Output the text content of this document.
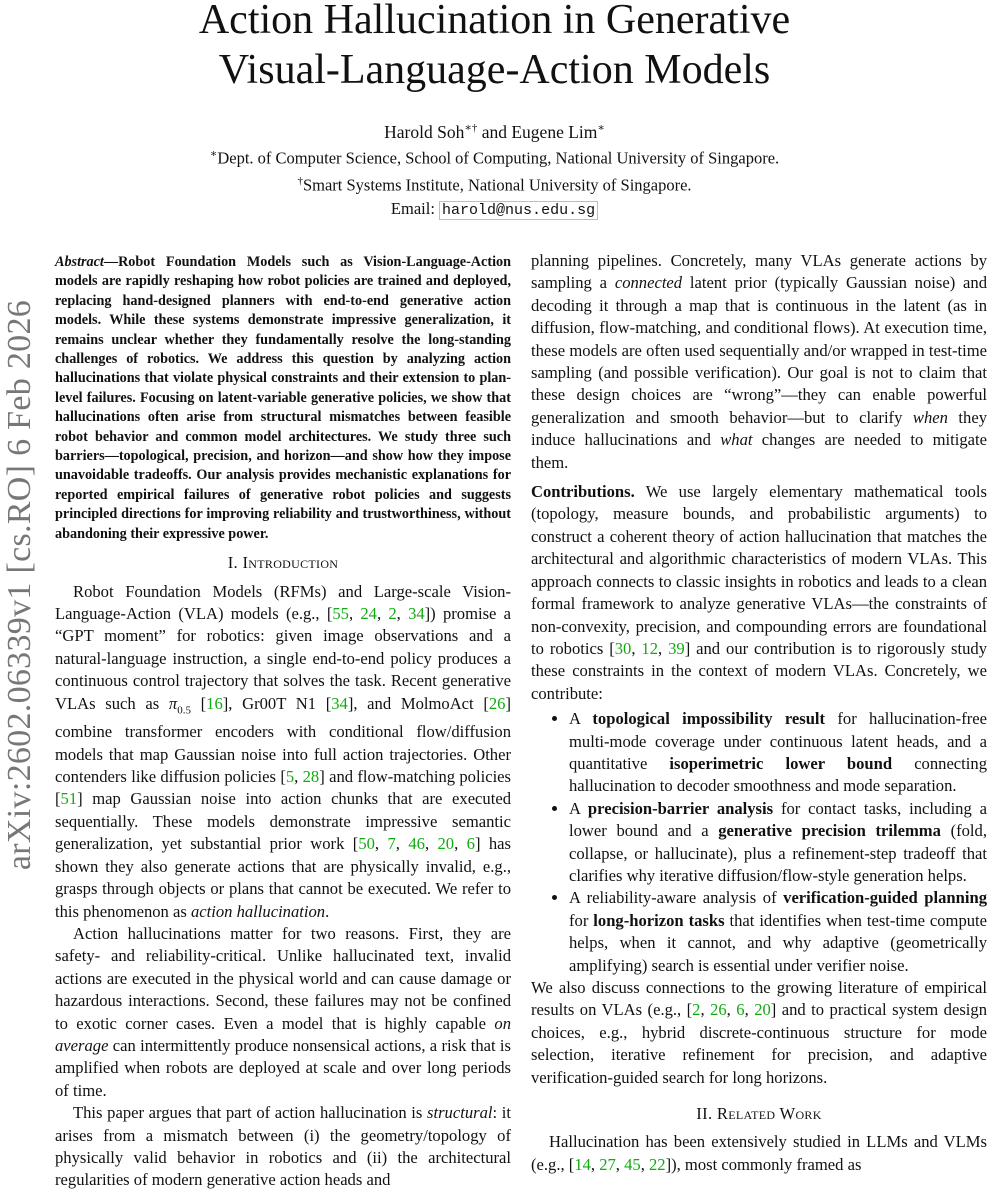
arXiv:2602.06339v1 [cs.RO] 6 Feb 2026
Action Hallucination in Generative
Visual-Language-Action Models
Harold Soh∗† and Eugene Lim∗
∗Dept. of Computer Science, School of Computing, National University of Singapore.
†Smart Systems Institute, National University of Singapore.
Email: harold@nus.edu.sg

Abstract—Robot Foundation Models such as Vision-Language-Action models are rapidly reshaping how robot policies are trained and deployed, replacing hand-designed planners with end-to-end generative action models. While these systems demonstrate impressive generalization, it remains unclear whether they fundamentally resolve the long-standing challenges of robotics. We address this question by analyzing action hallucinations that violate physical constraints and their extension to plan-level failures. Focusing on latent-variable generative policies, we show that hallucinations often arise from structural mismatches between feasible robot behavior and common model architectures. We study three such barriers—topological, precision, and horizon—and show how they impose unavoidable tradeoffs. Our analysis provides mechanistic explanations for reported empirical failures of generative robot policies and suggests principled directions for improving reliability and trustworthiness, without abandoning their expressive power.

I. Introduction

Robot Foundation Models (RFMs) and Large-scale Vision-Language-Action (VLA) models (e.g., [55, 24, 2, 34]) promise a “GPT moment” for robotics: given image observations and a natural-language instruction, a single end-to-end policy produces a continuous control trajectory that solves the task. Recent generative VLAs such as $\pi_{0.5}$ [16], Gr00T N1 [34], and MolmoAct [26] combine transformer encoders with conditional flow/diffusion models that map Gaussian noise into full action trajectories. Other contenders like diffusion policies [5, 28] and flow-matching policies [51] map Gaussian noise into action chunks that are executed sequentially. These models demonstrate impressive semantic generalization, yet substantial prior work [50, 7, 46, 20, 6] has shown they also generate actions that are physically invalid, e.g., grasps through objects or plans that cannot be executed. We refer to this phenomenon as action hallucination.

Action hallucinations matter for two reasons. First, they are safety- and reliability-critical. Unlike hallucinated text, invalid actions are executed in the physical world and can cause damage or hazardous interactions. Second, these failures may not be confined to exotic corner cases. Even a model that is highly capable on average can intermittently produce nonsensical actions, a risk that is amplified when robots are deployed at scale and over long periods of time.

This paper argues that part of action hallucination is structural: it arises from a mismatch between (i) the geometry/topology of physically valid behavior in robotics and (ii) the architectural regularities of modern generative action heads and

planning pipelines. Concretely, many VLAs generate actions by sampling a connected latent prior (typically Gaussian noise) and decoding it through a map that is continuous in the latent (as in diffusion, flow-matching, and conditional flows). At execution time, these models are often used sequentially and/or wrapped in test-time sampling (and possible verification). Our goal is not to claim that these design choices are “wrong”—they can enable powerful generalization and smooth behavior—but to clarify when they induce hallucinations and what changes are needed to mitigate them.

Contributions. We use largely elementary mathematical tools (topology, measure bounds, and probabilistic arguments) to construct a coherent theory of action hallucination that matches the architectural and algorithmic characteristics of modern VLAs. This approach connects to classic insights in robotics and leads to a clean formal framework to analyze generative VLAs—the constraints of non-convexity, precision, and compounding errors are foundational to robotics [30, 12, 39] and our contribution is to rigorously study these constraints in the context of modern VLAs. Concretely, we contribute:

• A topological impossibility result for hallucination-free multi-mode coverage under continuous latent heads, and a quantitative isoperimetric lower bound connecting hallucination to decoder smoothness and mode separation.
• A precision-barrier analysis for contact tasks, including a lower bound and a generative precision trilemma (fold, collapse, or hallucinate), plus a refinement-step tradeoff that clarifies why iterative diffusion/flow-style generation helps.
• A reliability-aware analysis of verification-guided planning for long-horizon tasks that identifies when test-time compute helps, when it cannot, and why adaptive (geometrically amplifying) search is essential under verifier noise.

We also discuss connections to the growing literature of empirical results on VLAs (e.g., [2, 26, 6, 20] and to practical system design choices, e.g., hybrid discrete-continuous structure for mode selection, iterative refinement for precision, and adaptive verification-guided search for long horizons.

II. Related Work

Hallucination has been extensively studied in LLMs and VLMs (e.g., [14, 27, 45, 22]), most commonly framed as
